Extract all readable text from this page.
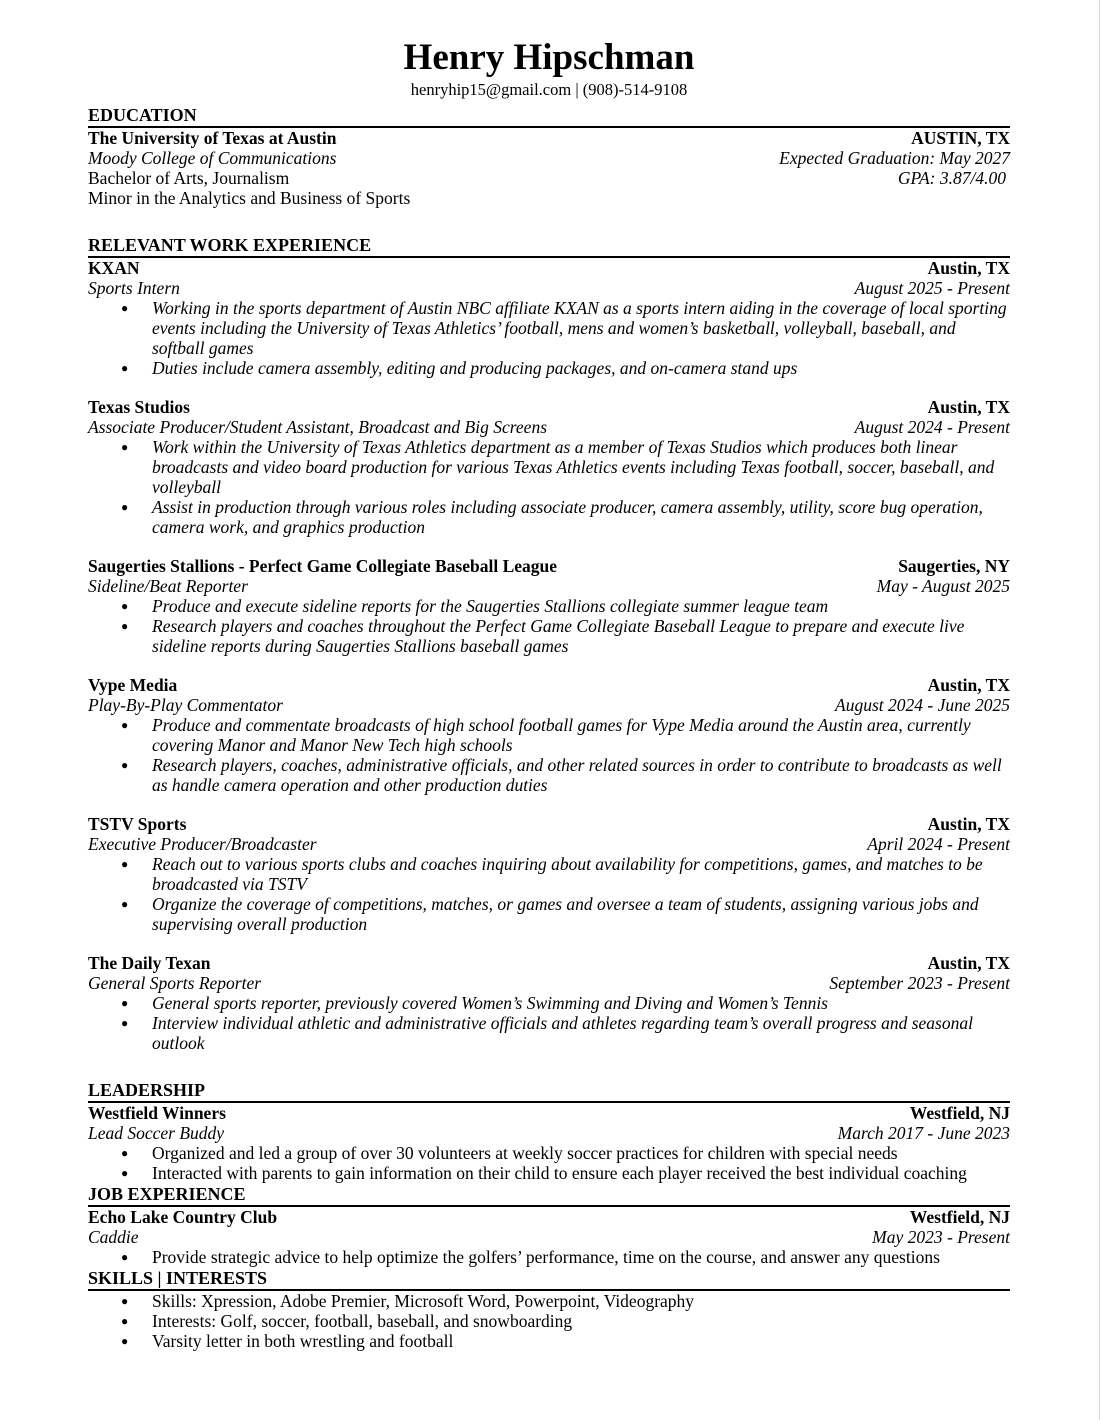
Henry Hipschman
henryhip15@gmail.com | (908)-514-9108
EDUCATION
The University of Texas at Austin	AUSTIN, TX
Moody College of Communications	Expected Graduation: May 2027
Bachelor of Arts, Journalism	GPA: 3.87/4.00
Minor in the Analytics and Business of Sports
RELEVANT WORK EXPERIENCE
KXAN	Austin, TX
Sports Intern	August 2025 - Present
● Working in the sports department of Austin NBC affiliate KXAN as a sports intern aiding in the coverage of local sporting events including the University of Texas Athletics’ football, mens and women’s basketball, volleyball, baseball, and softball games
● Duties include camera assembly, editing and producing packages, and on-camera stand ups
Texas Studios	Austin, TX
Associate Producer/Student Assistant, Broadcast and Big Screens	August 2024 - Present
● Work within the University of Texas Athletics department as a member of Texas Studios which produces both linear broadcasts and video board production for various Texas Athletics events including Texas football, soccer, baseball, and volleyball
● Assist in production through various roles including associate producer, camera assembly, utility, score bug operation, camera work, and graphics production
Saugerties Stallions - Perfect Game Collegiate Baseball League	Saugerties, NY
Sideline/Beat Reporter	May - August 2025
● Produce and execute sideline reports for the Saugerties Stallions collegiate summer league team
● Research players and coaches throughout the Perfect Game Collegiate Baseball League to prepare and execute live sideline reports during Saugerties Stallions baseball games
Vype Media	Austin, TX
Play-By-Play Commentator	August 2024 - June 2025
● Produce and commentate broadcasts of high school football games for Vype Media around the Austin area, currently covering Manor and Manor New Tech high schools
● Research players, coaches, administrative officials, and other related sources in order to contribute to broadcasts as well as handle camera operation and other production duties
TSTV Sports	Austin, TX
Executive Producer/Broadcaster	April 2024 - Present
● Reach out to various sports clubs and coaches inquiring about availability for competitions, games, and matches to be broadcasted via TSTV
● Organize the coverage of competitions, matches, or games and oversee a team of students, assigning various jobs and supervising overall production
The Daily Texan	Austin, TX
General Sports Reporter	September 2023 - Present
● General sports reporter, previously covered Women’s Swimming and Diving and Women’s Tennis
● Interview individual athletic and administrative officials and athletes regarding team’s overall progress and seasonal outlook
LEADERSHIP
Westfield Winners	Westfield, NJ
Lead Soccer Buddy	March 2017 - June 2023
● Organized and led a group of over 30 volunteers at weekly soccer practices for children with special needs
● Interacted with parents to gain information on their child to ensure each player received the best individual coaching
JOB EXPERIENCE
Echo Lake Country Club	Westfield, NJ
Caddie	May 2023 - Present
● Provide strategic advice to help optimize the golfers’ performance, time on the course, and answer any questions
SKILLS | INTERESTS
● Skills: Xpression, Adobe Premier, Microsoft Word, Powerpoint, Videography
● Interests: Golf, soccer, football, baseball, and snowboarding
● Varsity letter in both wrestling and football
